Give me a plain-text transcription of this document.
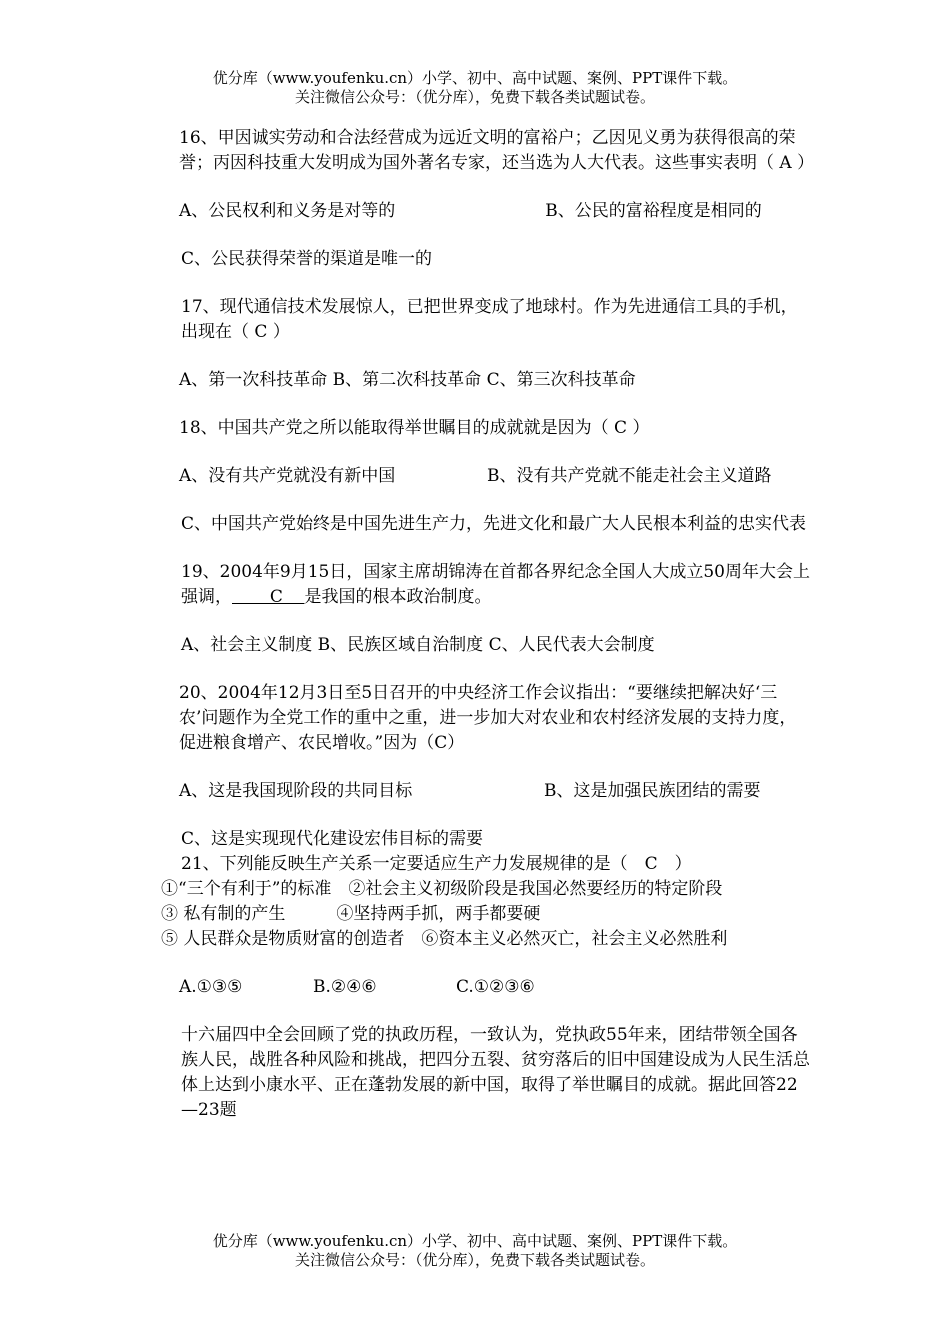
优分库（www.youfenku.cn）小学、初中、高中试题、案例、PPT课件下载。
关注微信公众号：（优分库），免费下载各类试题试卷。

16、甲因诚实劳动和合法经营成为远近文明的富裕户；乙因见义勇为获得很高的荣誉；丙因科技重大发明成为国外著名专家，还当选为人大代表。这些事实表明（ A ）

A、公民权利和义务是对等的	B、公民的富裕程度是相同的

C、公民获得荣誉的渠道是唯一的

17、现代通信技术发展惊人，已把世界变成了地球村。作为先进通信工具的手机，出现在（ C ）

A、第一次科技革命 B、第二次科技革命 C、第三次科技革命

18、中国共产党之所以能取得举世瞩目的成就就是因为（ C ）

A、没有共产党就没有新中国	B、没有共产党就不能走社会主义道路

C、中国共产党始终是中国先进生产力，先进文化和最广大人民根本利益的忠实代表

19、2004年9月15日，国家主席胡锦涛在首都各界纪念全国人大成立50周年大会上强调，       C    是我国的根本政治制度。

A、社会主义制度 B、民族区域自治制度 C、人民代表大会制度

20、2004年12月3日至5日召开的中央经济工作会议指出：“要继续把解决好‘三农’问题作为全党工作的重中之重，进一步加大对农业和农村经济发展的支持力度，促进粮食增产、农民增收。”因为（C）

A、这是我国现阶段的共同目标	B、这是加强民族团结的需要

C、这是实现现代化建设宏伟目标的需要

21、下列能反映生产关系一定要适应生产力发展规律的是（　C　）

①“三个有利于”的标准　②社会主义初级阶段是我国必然要经历的特定阶段

③ 私有制的产生　　　④坚持两手抓，两手都要硬

⑤ 人民群众是物质财富的创造者　⑥资本主义必然灭亡，社会主义必然胜利

A.①③⑤	B.②④⑥	C.①②③⑥

十六届四中全会回顾了党的执政历程，一致认为，党执政55年来，团结带领全国各族人民，战胜各种风险和挑战，把四分五裂、贫穷落后的旧中国建设成为人民生活总体上达到小康水平、正在蓬勃发展的新中国，取得了举世瞩目的成就。据此回答22—23题

优分库（www.youfenku.cn）小学、初中、高中试题、案例、PPT课件下载。
关注微信公众号：（优分库），免费下载各类试题试卷。
